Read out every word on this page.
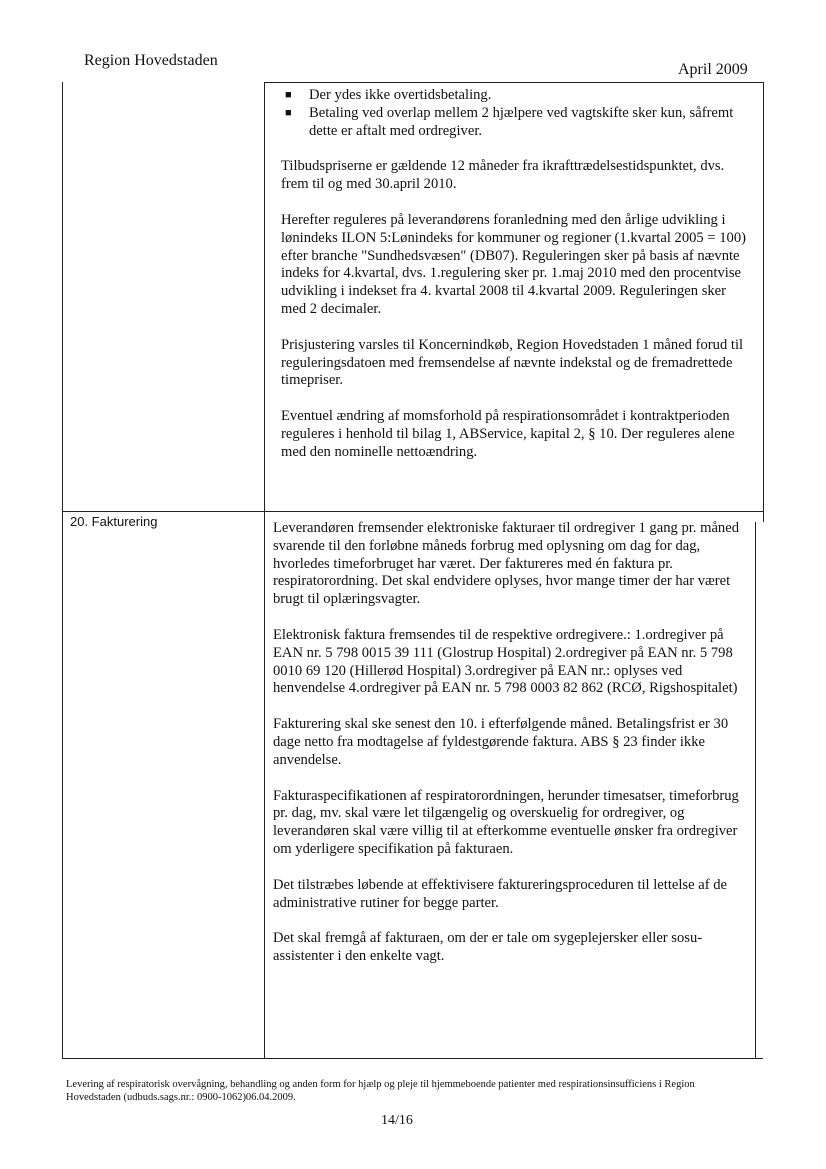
Region Hovedstaden
April 2009
■ Der ydes ikke overtidsbetaling.
■ Betaling ved overlap mellem 2 hjælpere ved vagtskifte sker kun, såfremt dette er aftalt med ordregiver.

Tilbudspriserne er gældende 12 måneder fra ikrafttrædelsestidspunktet, dvs. frem til og med 30.april 2010.

Herefter reguleres på leverandørens foranledning med den årlige udvikling i lønindeks ILON 5:Lønindeks for kommuner og regioner (1.kvartal 2005 = 100) efter branche "Sundhedsvæsen" (DB07). Reguleringen sker på basis af nævnte indeks for 4.kvartal, dvs. 1.regulering sker pr. 1.maj 2010 med den procentvise udvikling i indekset fra 4. kvartal 2008 til 4.kvartal 2009. Reguleringen sker med 2 decimaler.

Prisjustering varsles til Koncernindkøb, Region Hovedstaden 1 måned forud til reguleringsdatoen med fremsendelse af nævnte indekstal og de fremadrettede timepriser.

Eventuel ændring af momsforhold på respirationsområdet i kontraktperioden reguleres i henhold til bilag 1, ABService, kapital 2, § 10. Der reguleres alene med den nominelle nettoændring.

20. Fakturering	Leverandøren fremsender elektroniske fakturaer til ordregiver 1 gang pr. måned svarende til den forløbne måneds forbrug med oplysning om dag for dag, hvorledes timeforbruget har været. Der faktureres med én faktura pr. respiratorordning. Det skal endvidere oplyses, hvor mange timer der har været brugt til oplæringsvagter.

Elektronisk faktura fremsendes til de respektive ordregivere.: 1.ordregiver på EAN nr. 5 798 0015 39 111 (Glostrup Hospital) 2.ordregiver på EAN nr. 5 798 0010 69 120 (Hillerød Hospital) 3.ordregiver på EAN nr.: oplyses ved henvendelse 4.ordregiver på EAN nr. 5 798 0003 82 862 (RCØ, Rigshospitalet)

Fakturering skal ske senest den 10. i efterfølgende måned. Betalingsfrist er 30 dage netto fra modtagelse af fyldestgørende faktura. ABS § 23 finder ikke anvendelse.

Fakturaspecifikationen af respiratorordningen, herunder timesatser, timeforbrug pr. dag, mv. skal være let tilgængelig og overskuelig for ordregiver, og leverandøren skal være villig til at efterkomme eventuelle ønsker fra ordregiver om yderligere specifikation på fakturaen.

Det tilstræbes løbende at effektivisere faktureringsproceduren til lettelse af de administrative rutiner for begge parter.

Det skal fremgå af fakturaen, om der er tale om sygeplejersker eller sosu-assistenter i den enkelte vagt.

Levering af respiratorisk overvågning, behandling og anden form for hjælp og pleje til hjemmeboende patienter med respirationsinsufficiens i Region Hovedstaden (udbuds.sags.nr.: 0900-1062)06.04.2009.
14/16
